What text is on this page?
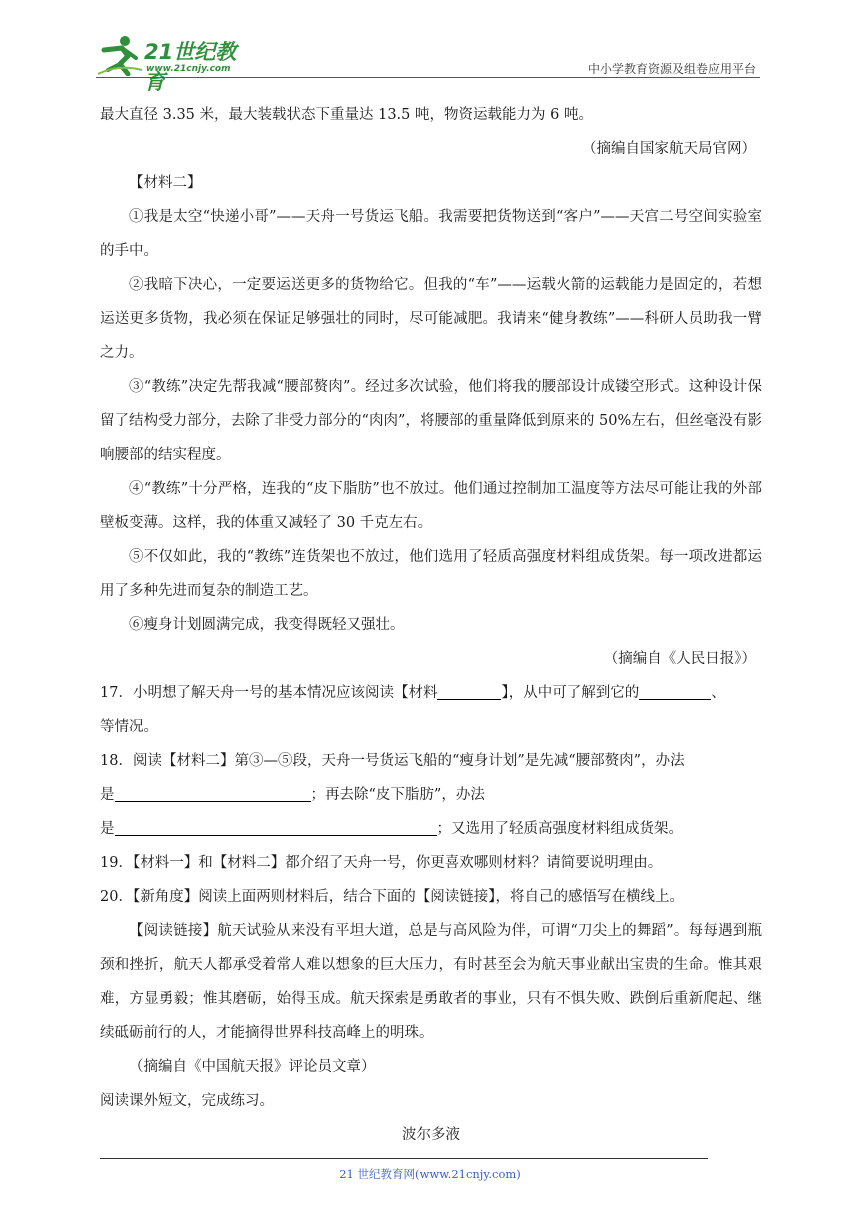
21世纪教育
www.21cnjy.com	中小学教育资源及组卷应用平台

最大直径 3.35 米，最大装载状态下重量达 13.5 吨，物资运载能力为 6 吨。

（摘编自国家航天局官网）

【材料二】

①我是太空“快递小哥”——天舟一号货运飞船。我需要把货物送到“客户”——天宫二号空间实验室的手中。

②我暗下决心，一定要运送更多的货物给它。但我的“车”——运载火箭的运载能力是固定的，若想运送更多货物，我必须在保证足够强壮的同时，尽可能减肥。我请来“健身教练”——科研人员助我一臂之力。

③“教练”决定先帮我减“腰部赘肉”。经过多次试验，他们将我的腰部设计成镂空形式。这种设计保留了结构受力部分，去除了非受力部分的“肉肉”，将腰部的重量降低到原来的 50%左右，但丝毫没有影响腰部的结实程度。

④“教练”十分严格，连我的“皮下脂肪”也不放过。他们通过控制加工温度等方法尽可能让我的外部壁板变薄。这样，我的体重又减轻了 30 千克左右。

⑤不仅如此，我的“教练”连货架也不放过，他们选用了轻质高强度材料组成货架。每一项改进都运用了多种先进而复杂的制造工艺。

⑥瘦身计划圆满完成，我变得既轻又强壮。

（摘编自《人民日报》）

17．小明想了解天舟一号的基本情况应该阅读【材料	】，从中可了解到它的	、
等情况。

18．阅读【材料二】第③—⑤段，天舟一号货运飞船的“瘦身计划”是先减“腰部赘肉”，办法
是	；再去除“皮下脂肪”，办法
是	；又选用了轻质高强度材料组成货架。

19．【材料一】和【材料二】都介绍了天舟一号，你更喜欢哪则材料？请简要说明理由。

20．【新角度】阅读上面两则材料后，结合下面的【阅读链接】，将自己的感悟写在横线上。

【阅读链接】航天试验从来没有平坦大道，总是与高风险为伴，可谓“刀尖上的舞蹈”。每每遇到瓶颈和挫折，航天人都承受着常人难以想象的巨大压力，有时甚至会为航天事业献出宝贵的生命。惟其艰难，方显勇毅；惟其磨砺，始得玉成。航天探索是勇敢者的事业，只有不惧失败、跌倒后重新爬起、继续砥砺前行的人，才能摘得世界科技高峰上的明珠。

（摘编自《中国航天报》评论员文章）

阅读课外短文，完成练习。

波尔多液

21 世纪教育网(www.21cnjy.com)
